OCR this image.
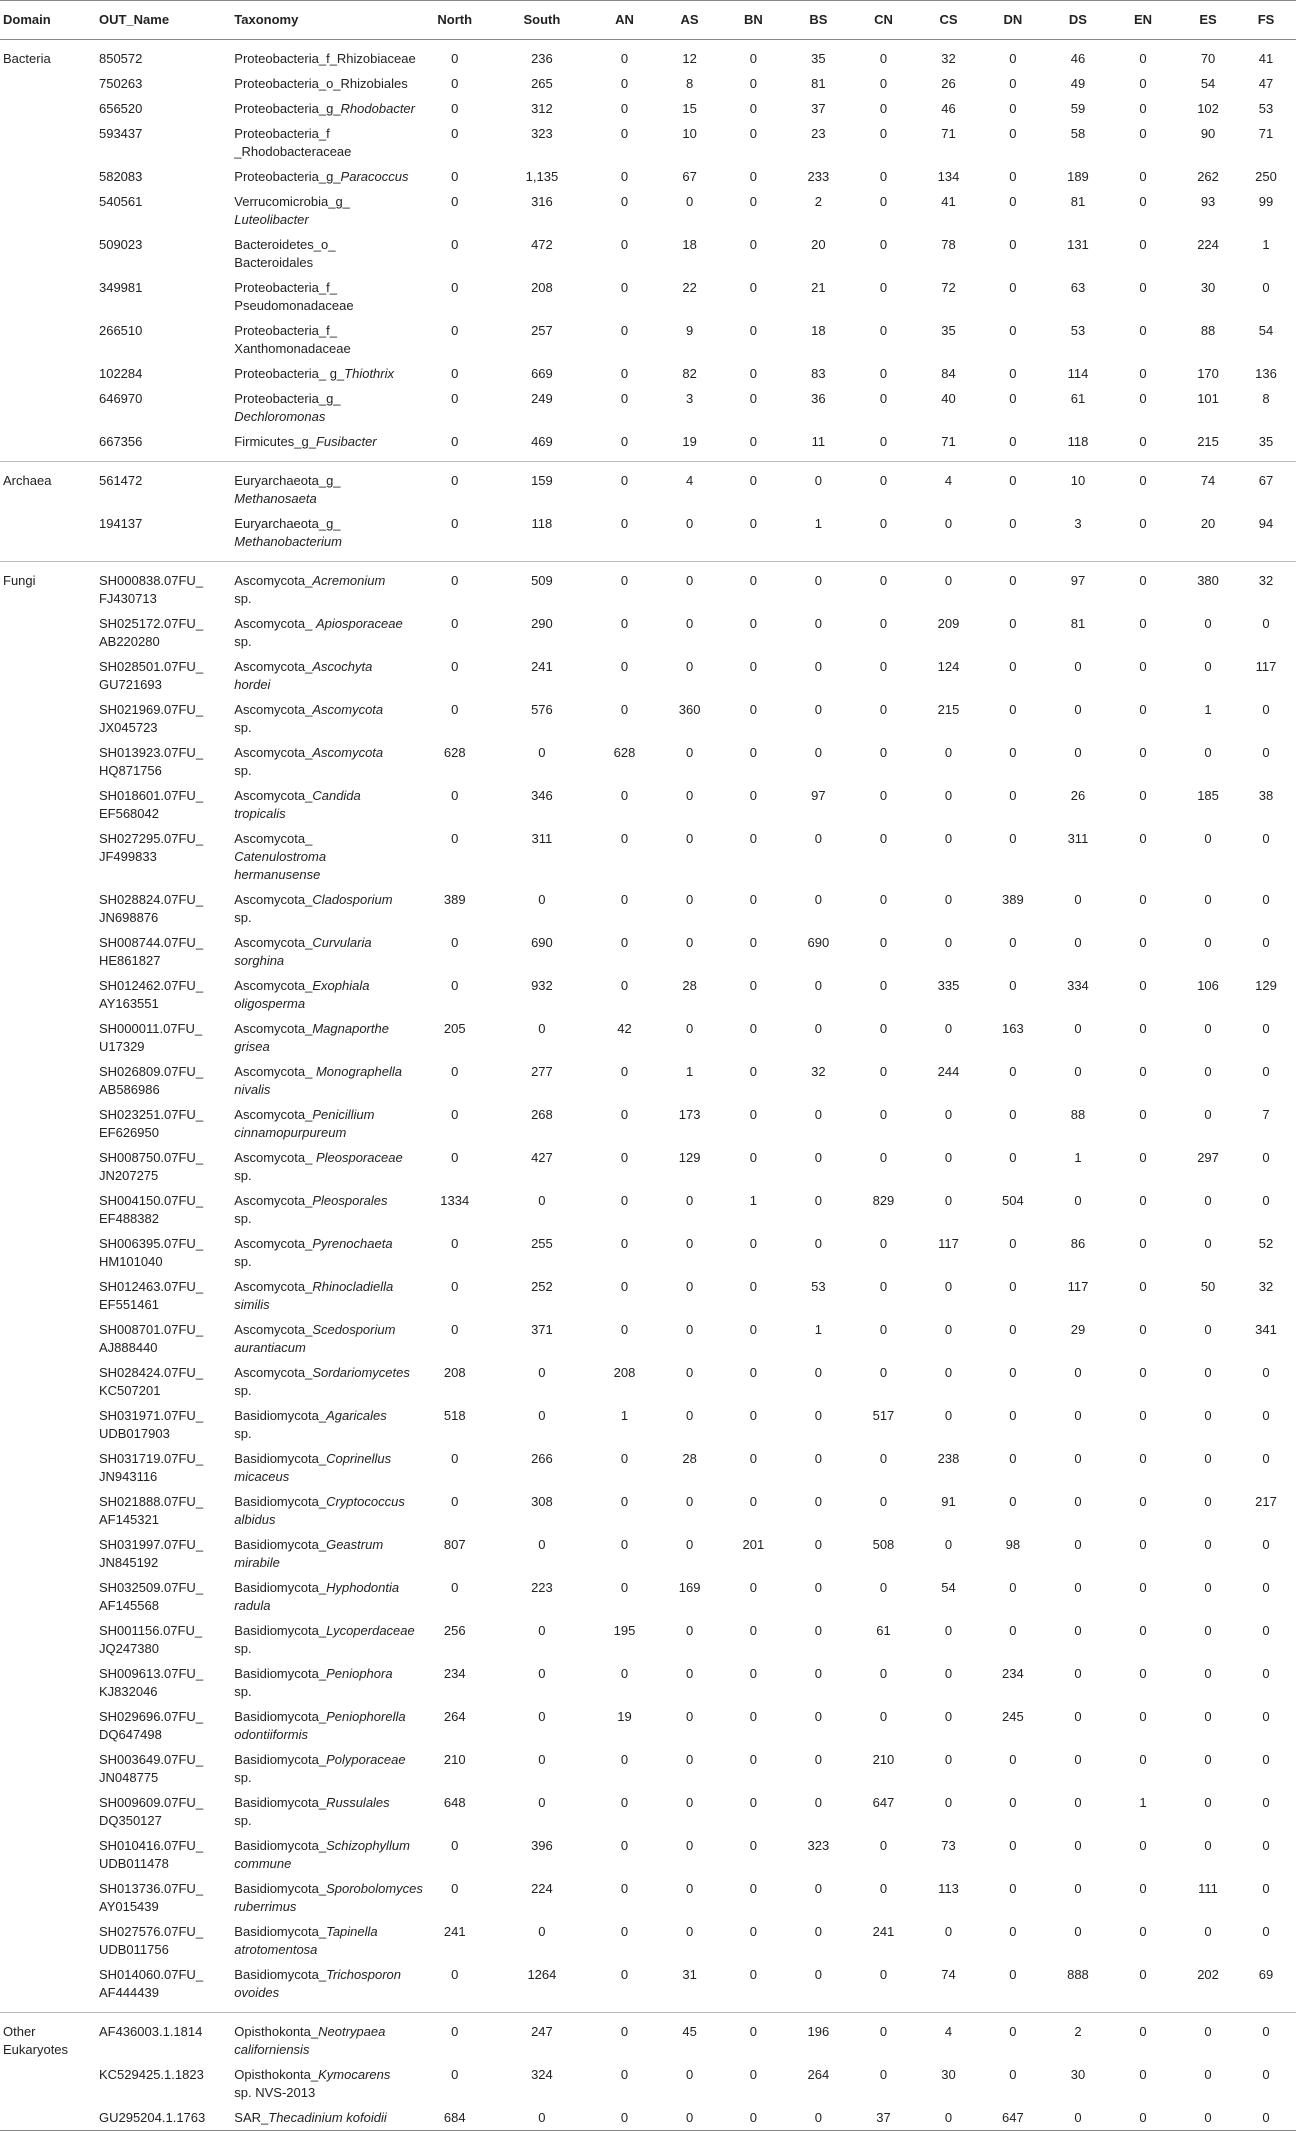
Domain	OUT_Name	Taxonomy	North	South	AN	AS	BN	BS	CN	CS	DN	DS	EN	ES	FS
Bacteria	850572	Proteobacteria_f_Rhizobiaceae	0	236	0	12	0	35	0	32	0	46	0	70	41
	750263	Proteobacteria_o_Rhizobiales	0	265	0	8	0	81	0	26	0	49	0	54	47
	656520	Proteobacteria_g_Rhodobacter	0	312	0	15	0	37	0	46	0	59	0	102	53
	593437	Proteobacteria_f _Rhodobacteraceae	0	323	0	10	0	23	0	71	0	58	0	90	71
	582083	Proteobacteria_g_Paracoccus	0	1,135	0	67	0	233	0	134	0	189	0	262	250
	540561	Verrucomicrobia_g_ Luteolibacter	0	316	0	0	0	2	0	41	0	81	0	93	99
	509023	Bacteroidetes_o_ Bacteroidales	0	472	0	18	0	20	0	78	0	131	0	224	1
	349981	Proteobacteria_f_ Pseudomonadaceae	0	208	0	22	0	21	0	72	0	63	0	30	0
	266510	Proteobacteria_f_ Xanthomonadaceae	0	257	0	9	0	18	0	35	0	53	0	88	54
	102284	Proteobacteria_ g_Thiothrix	0	669	0	82	0	83	0	84	0	114	0	170	136
	646970	Proteobacteria_g_ Dechloromonas	0	249	0	3	0	36	0	40	0	61	0	101	8
	667356	Firmicutes_g_Fusibacter	0	469	0	19	0	11	0	71	0	118	0	215	35
Archaea	561472	Euryarchaeota_g_ Methanosaeta	0	159	0	4	0	0	0	4	0	10	0	74	67
	194137	Euryarchaeota_g_ Methanobacterium	0	118	0	0	0	1	0	0	0	3	0	20	94
Fungi	SH000838.07FU_ FJ430713	Ascomycota_Acremonium sp.	0	509	0	0	0	0	0	0	0	97	0	380	32
	SH025172.07FU_ AB220280	Ascomycota_ Apiosporaceae sp.	0	290	0	0	0	0	0	209	0	81	0	0	0
	SH028501.07FU_ GU721693	Ascomycota_Ascochyta hordei	0	241	0	0	0	0	0	124	0	0	0	0	117
	SH021969.07FU_ JX045723	Ascomycota_Ascomycota sp.	0	576	0	360	0	0	0	215	0	0	0	1	0
	SH013923.07FU_ HQ871756	Ascomycota_Ascomycota sp.	628	0	628	0	0	0	0	0	0	0	0	0	0
	SH018601.07FU_ EF568042	Ascomycota_Candida tropicalis	0	346	0	0	0	97	0	0	0	26	0	185	38
	SH027295.07FU_ JF499833	Ascomycota_ Catenulostroma hermanusense	0	311	0	0	0	0	0	0	0	311	0	0	0
	SH028824.07FU_ JN698876	Ascomycota_Cladosporium sp.	389	0	0	0	0	0	0	0	389	0	0	0	0
	SH008744.07FU_ HE861827	Ascomycota_Curvularia sorghina	0	690	0	0	0	690	0	0	0	0	0	0	0
	SH012462.07FU_ AY163551	Ascomycota_Exophiala oligosperma	0	932	0	28	0	0	0	335	0	334	0	106	129
	SH000011.07FU_ U17329	Ascomycota_Magnaporthe grisea	205	0	42	0	0	0	0	0	163	0	0	0	0
	SH026809.07FU_ AB586986	Ascomycota_ Monographella nivalis	0	277	0	1	0	32	0	244	0	0	0	0	0
	SH023251.07FU_ EF626950	Ascomycota_Penicillium cinnamopurpureum	0	268	0	173	0	0	0	0	0	88	0	0	7
	SH008750.07FU_ JN207275	Ascomycota_ Pleosporaceae sp.	0	427	0	129	0	0	0	0	0	1	0	297	0
	SH004150.07FU_ EF488382	Ascomycota_Pleosporales sp.	1334	0	0	0	1	0	829	0	504	0	0	0	0
	SH006395.07FU_ HM101040	Ascomycota_Pyrenochaeta sp.	0	255	0	0	0	0	0	117	0	86	0	0	52
	SH012463.07FU_ EF551461	Ascomycota_Rhinocladiella similis	0	252	0	0	0	53	0	0	0	117	0	50	32
	SH008701.07FU_ AJ888440	Ascomycota_Scedosporium aurantiacum	0	371	0	0	0	1	0	0	0	29	0	0	341
	SH028424.07FU_ KC507201	Ascomycota_Sordariomycetes sp.	208	0	208	0	0	0	0	0	0	0	0	0	0
	SH031971.07FU_ UDB017903	Basidiomycota_Agaricales sp.	518	0	1	0	0	0	517	0	0	0	0	0	0
	SH031719.07FU_ JN943116	Basidiomycota_Coprinellus micaceus	0	266	0	28	0	0	0	238	0	0	0	0	0
	SH021888.07FU_ AF145321	Basidiomycota_Cryptococcus albidus	0	308	0	0	0	0	0	91	0	0	0	0	217
	SH031997.07FU_ JN845192	Basidiomycota_Geastrum mirabile	807	0	0	0	201	0	508	0	98	0	0	0	0
	SH032509.07FU_ AF145568	Basidiomycota_Hyphodontia radula	0	223	0	169	0	0	0	54	0	0	0	0	0
	SH001156.07FU_ JQ247380	Basidiomycota_Lycoperdaceae sp.	256	0	195	0	0	0	61	0	0	0	0	0	0
	SH009613.07FU_ KJ832046	Basidiomycota_Peniophora sp.	234	0	0	0	0	0	0	0	234	0	0	0	0
	SH029696.07FU_ DQ647498	Basidiomycota_Peniophorella odontiiformis	264	0	19	0	0	0	0	0	245	0	0	0	0
	SH003649.07FU_ JN048775	Basidiomycota_Polyporaceae sp.	210	0	0	0	0	0	210	0	0	0	0	0	0
	SH009609.07FU_ DQ350127	Basidiomycota_Russulales sp.	648	0	0	0	0	0	647	0	0	0	1	0	0
	SH010416.07FU_ UDB011478	Basidiomycota_Schizophyllum commune	0	396	0	0	0	323	0	73	0	0	0	0	0
	SH013736.07FU_ AY015439	Basidiomycota_Sporobolomyces ruberrimus	0	224	0	0	0	0	0	113	0	0	0	111	0
	SH027576.07FU_ UDB011756	Basidiomycota_Tapinella atrotomentosa	241	0	0	0	0	0	241	0	0	0	0	0	0
	SH014060.07FU_ AF444439	Basidiomycota_Trichosporon ovoides	0	1264	0	31	0	0	0	74	0	888	0	202	69
Other Eukaryotes	AF436003.1.1814	Opisthokonta_Neotrypaea californiensis	0	247	0	45	0	196	0	4	0	2	0	0	0
	KC529425.1.1823	Opisthokonta_Kymocarens sp. NVS-2013	0	324	0	0	0	264	0	30	0	30	0	0	0
	GU295204.1.1763	SAR_Thecadinium kofoidii	684	0	0	0	0	0	37	0	647	0	0	0	0
